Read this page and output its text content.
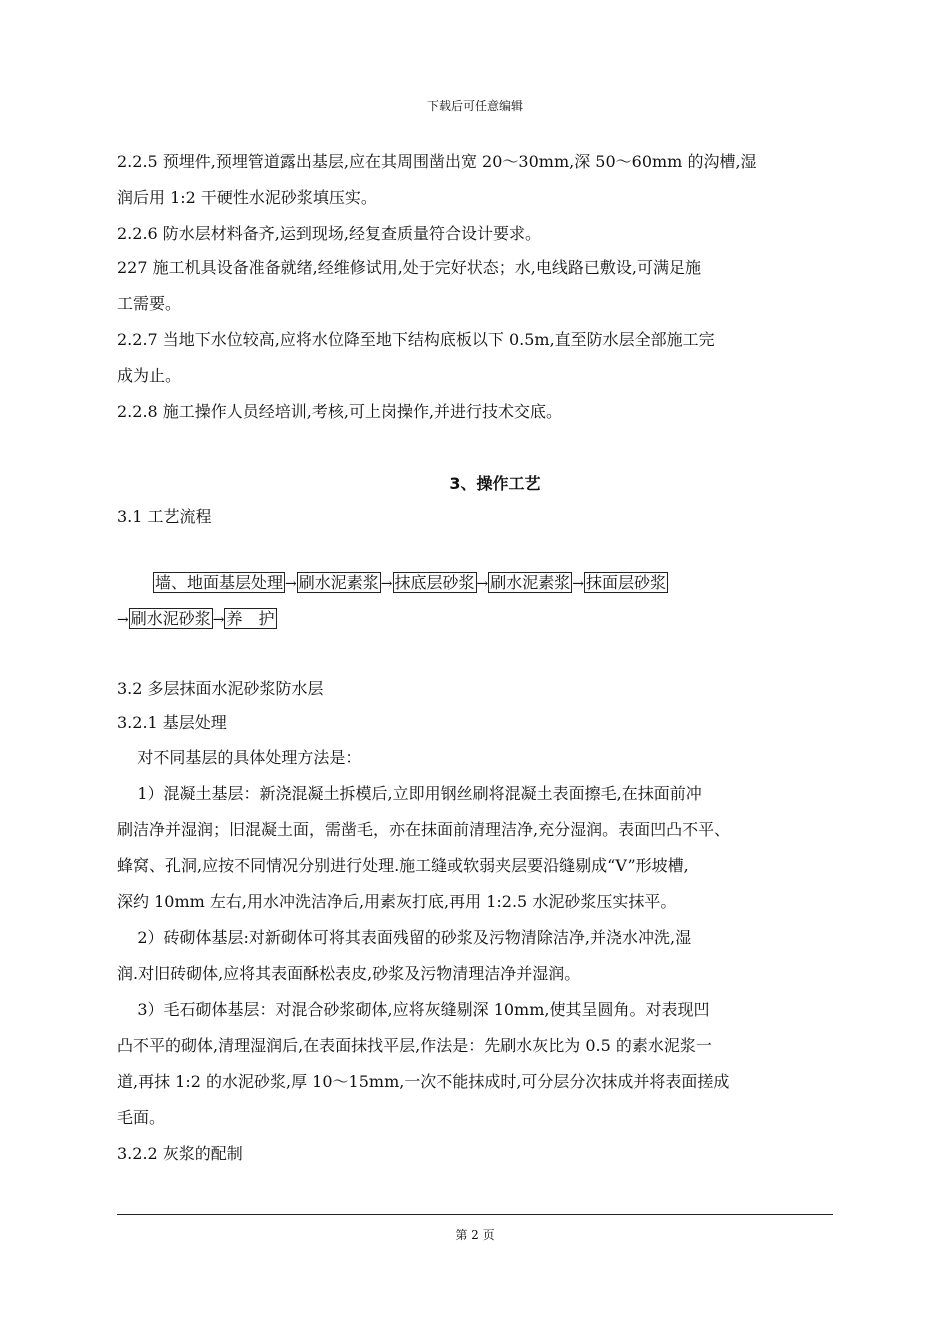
下载后可任意编辑
2.2.5 预埋件,预埋管道露出基层,应在其周围凿出宽 20～30mm,深 50～60mm 的沟槽,湿
润后用 1:2 干硬性水泥砂浆填压实。
2.2.6 防水层材料备齐,运到现场,经复查质量符合设计要求。
227 施工机具设备准备就绪,经维修试用,处于完好状态；水,电线路已敷设,可满足施
工需要。
2.2.7 当地下水位较高,应将水位降至地下结构底板以下 0.5m,直至防水层全部施工完
成为止。
2.2.8 施工操作人员经培训,考核,可上岗操作,并进行技术交底。
3、操作工艺
3.1 工艺流程
墙、地面基层处理 → 刷水泥素浆 → 抹底层砂浆 → 刷水泥素浆 → 抹面层砂浆
→ 刷水泥砂浆 → 养　护
3.2 多层抹面水泥砂浆防水层
3.2.1 基层处理
对不同基层的具体处理方法是：
1）混凝土基层：新浇混凝土拆模后,立即用钢丝刷将混凝土表面擦毛,在抹面前冲
刷洁净并湿润；旧混凝土面，需凿毛，亦在抹面前清理洁净,充分湿润。表面凹凸不平、
蜂窝、孔洞,应按不同情况分别进行处理.施工缝或软弱夹层要沿缝剔成“V”形坡槽,
深约 10mm 左右,用水冲洗洁净后,用素灰打底,再用 1:2.5 水泥砂浆压实抹平。
2）砖砌体基层:对新砌体可将其表面残留的砂浆及污物清除洁净,并浇水冲洗,湿
润.对旧砖砌体,应将其表面酥松表皮,砂浆及污物清理洁净并湿润。
3）毛石砌体基层：对混合砂浆砌体,应将灰缝剔深 10mm,使其呈圆角。对表现凹
凸不平的砌体,清理湿润后,在表面抹找平层,作法是：先刷水灰比为 0.5 的素水泥浆一
道,再抹 1:2 的水泥砂浆,厚 10～15mm,一次不能抹成时,可分层分次抹成并将表面搓成
毛面。
3.2.2 灰浆的配制
第 2 页
